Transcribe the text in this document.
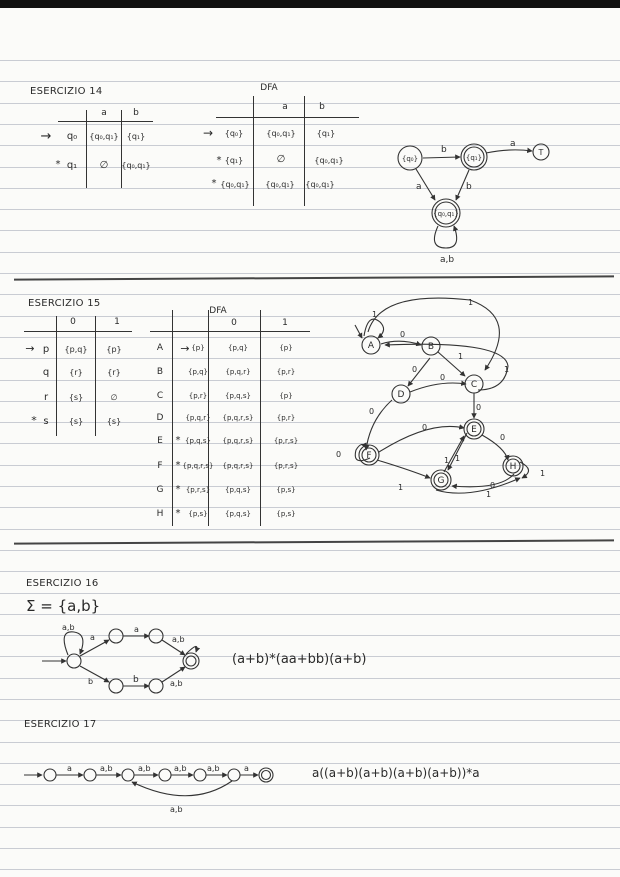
ESERCIZIO 14
a	b
→ q₀ {q₀,q₁} {q₁}
* q₁ ∅ {q₀,q₁}
DFA
a	b
→ {q₀}	{q₀,q₁}	{q₁}
* {q₁}	∅	{q₀,q₁}
* {q₀,q₁} {q₀,q₁} {q₀,q₁}
{q₀}	{q₁}
{q₀,q₁}
T
b
a
a
b
a,b
ESERCIZIO 15
0	1
→ p {p,q} {p}
q	{r}	{r}
r	{s}	∅
* s	{s}	{s}
DFA
0	1
A → {p}	{p,q}	{p}
B	{p,q} {p,q,r}	{p,r}
C	{p,r}	{p,q,s}	{p}
D	{p,q,r} {p,q,r,s}	{p,r}
E * {p,q,s} {p,q,r,s}	{p,r,s}
F * {p,q,r,s} {p,q,r,s}	{p,r,s}
G * {p,r,s} {p,q,s}	{p,s}
H * {p,s} {p,q,s}	{p,s}
A	B
C
D
E
F
G
H
1
0
1
1
0
0
0	0
0
0
1 1
1
0
1
1
1
0
ESERCIZIO 16
Σ = {a,b}
a,b
a
a
a,b
b	b	a,b
(a+b)*(aa+bb)(a+b)
ESERCIZIO 17
a	a,b	a,b	a,b	a,b	a
a,b
a((a+b)(a+b)(a+b)(a+b))*a
